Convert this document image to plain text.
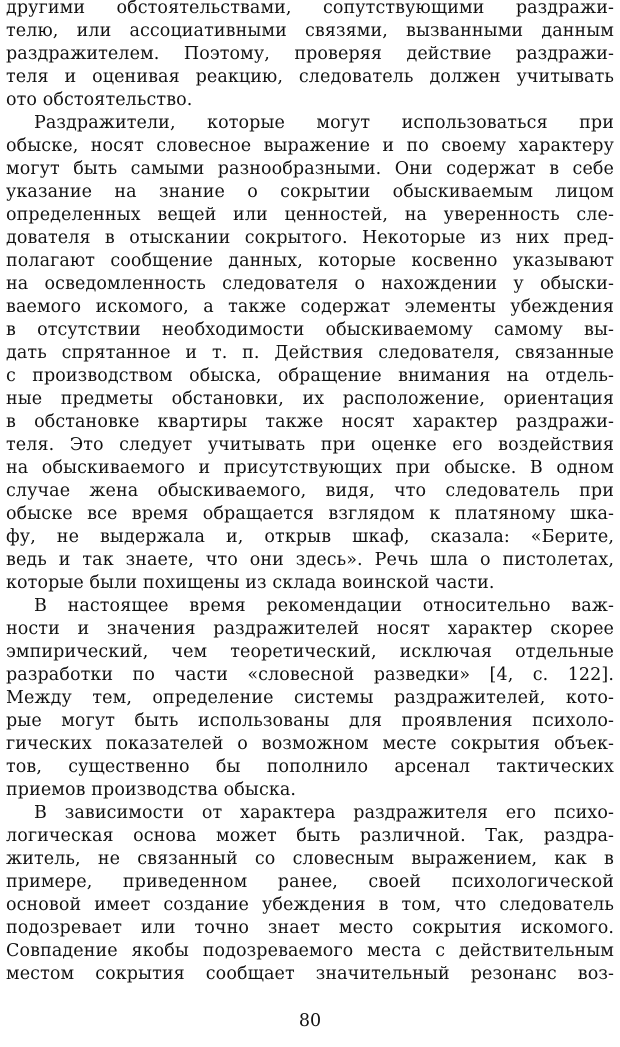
другими обстоятельствами, сопутствующими раздражи-
телю, или ассоциативными связями, вызванными данным
раздражителем. Поэтому, проверяя действие раздражи-
теля и оценивая реакцию, следователь должен учитывать
ото обстоятельство.
Раздражители, которые могут использоваться при
обыске, носят словесное выражение и по своему характеру
могут быть самыми разнообразными. Они содержат в себе
указание на знание о сокрытии обыскиваемым лицом
определенных вещей или ценностей, на уверенность сле-
дователя в отыскании сокрытого. Некоторые из них пред-
полагают сообщение данных, которые косвенно указывают
на осведомленность следователя о нахождении у обыски-
ваемого искомого, а также содержат элементы убеждения
в отсутствии необходимости обыскиваемому самому вы-
дать спрятанное и т. п. Действия следователя, связанные
с производством обыска, обращение внимания на отдель-
ные предметы обстановки, их расположение, ориентация
в обстановке квартиры также носят характер раздражи-
теля. Это следует учитывать при оценке его воздействия
на обыскиваемого и присутствующих при обыске. В одном
случае жена обыскиваемого, видя, что следователь при
обыске все время обращается взглядом к платяному шка-
фу, не выдержала и, открыв шкаф, сказала: «Берите,
ведь и так знаете, что они здесь». Речь шла о пистолетах,
которые были похищены из склада воинской части.
В настоящее время рекомендации относительно важ-
ности и значения раздражителей носят характер скорее
эмпирический, чем теоретический, исключая отдельные
разработки по части «словесной разведки» [4, с. 122].
Между тем, определение системы раздражителей, кото-
рые могут быть использованы для проявления психоло-
гических показателей о возможном месте сокрытия объек-
тов, существенно бы пополнило арсенал тактических
приемов производства обыска.
В зависимости от характера раздражителя его психо-
логическая основа может быть различной. Так, раздра-
житель, не связанный со словесным выражением, как в
примере, приведенном ранее, своей психологической
основой имеет создание убеждения в том, что следователь
подозревает или точно знает место сокрытия искомого.
Совпадение якобы подозреваемого места с действительным
местом сокрытия сообщает значительный резонанс воз-
80
